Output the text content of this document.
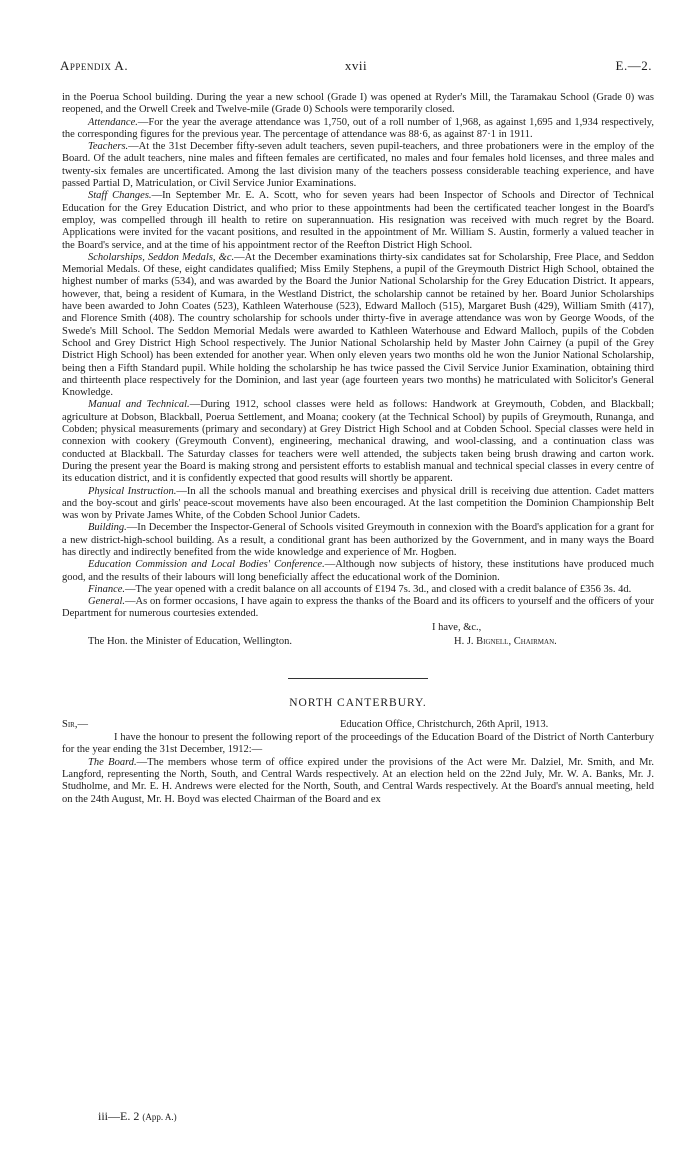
Appendix A.	xvii	E.—2.

in the Poerua School building. During the year a new school (Grade I) was opened at Ryder's Mill, the Taramakau School (Grade 0) was reopened, and the Orwell Creek and Twelve-mile (Grade 0) Schools were temporarily closed.

Attendance.—For the year the average attendance was 1,750, out of a roll number of 1,968, as against 1,695 and 1,934 respectively, the corresponding figures for the previous year. The percentage of attendance was 88·6, as against 87·1 in 1911.

Teachers.—At the 31st December fifty-seven adult teachers, seven pupil-teachers, and three probationers were in the employ of the Board. Of the adult teachers, nine males and fifteen females are certificated, no males and four females hold licenses, and three males and twenty-six females are uncertificated. Among the last division many of the teachers possess considerable teaching experience, and have passed Partial D, Matriculation, or Civil Service Junior Examinations.

Staff Changes.—In September Mr. E. A. Scott, who for seven years had been Inspector of Schools and Director of Technical Education for the Grey Education District, and who prior to these appointments had been the certificated teacher longest in the Board's employ, was compelled through ill health to retire on superannuation. His resignation was received with much regret by the Board. Applications were invited for the vacant positions, and resulted in the appointment of Mr. William S. Austin, formerly a valued teacher in the Board's service, and at the time of his appointment rector of the Reefton District High School.

Scholarships, Seddon Medals, &c.—At the December examinations thirty-six candidates sat for Scholarship, Free Place, and Seddon Memorial Medals. Of these, eight candidates qualified; Miss Emily Stephens, a pupil of the Greymouth District High School, obtained the highest number of marks (534), and was awarded by the Board the Junior National Scholarship for the Grey Education District. It appears, however, that, being a resident of Kumara, in the Westland District, the scholarship cannot be retained by her. Board Junior Scholarships have been awarded to John Coates (523), Kathleen Waterhouse (523), Edward Malloch (515), Margaret Bush (429), William Smith (417), and Florence Smith (408). The country scholarship for schools under thirty-five in average attendance was won by George Woods, of the Swede's Mill School. The Seddon Memorial Medals were awarded to Kathleen Waterhouse and Edward Malloch, pupils of the Cobden School and Grey District High School respectively. The Junior National Scholarship held by Master John Cairney (a pupil of the Grey District High School) has been extended for another year. When only eleven years two months old he won the Junior National Scholarship, being then a Fifth Standard pupil. While holding the scholarship he has twice passed the Civil Service Junior Examination, obtaining third and thirteenth place respectively for the Dominion, and last year (age fourteen years two months) he matriculated with Solicitor's General Knowledge.

Manual and Technical.—During 1912, school classes were held as follows: Handwork at Greymouth, Cobden, and Blackball; agriculture at Dobson, Blackball, Poerua Settlement, and Moana; cookery (at the Technical School) by pupils of Greymouth, Runanga, and Cobden; physical measurements (primary and secondary) at Grey District High School and at Cobden School. Special classes were held in connexion with cookery (Greymouth Convent), engineering, mechanical drawing, and wool-classing, and a continuation class was conducted at Blackball. The Saturday classes for teachers were well attended, the subjects taken being brush drawing and carton work. During the present year the Board is making strong and persistent efforts to establish manual and technical special classes in every centre of its education district, and it is confidently expected that good results will shortly be apparent.

Physical Instruction.—In all the schools manual and breathing exercises and physical drill is receiving due attention. Cadet matters and the boy-scout and girls' peace-scout movements have also been encouraged. At the last competition the Dominion Championship Belt was won by Private James White, of the Cobden School Junior Cadets.

Building.—In December the Inspector-General of Schools visited Greymouth in connexion with the Board's application for a grant for a new district-high-school building. As a result, a conditional grant has been authorized by the Government, and in many ways the Board has directly and indirectly benefited from the wide knowledge and experience of Mr. Hogben.

Education Commission and Local Bodies' Conference.—Although now subjects of history, these institutions have produced much good, and the results of their labours will long beneficially affect the educational work of the Dominion.

Finance.—The year opened with a credit balance on all accounts of £194 7s. 3d., and closed with a credit balance of £356 3s. 4d.

General.—As on former occasions, I have again to express the thanks of the Board and its officers to yourself and the officers of your Department for numerous courtesies extended.

I have, &c.,
The Hon. the Minister of Education, Wellington.	H. J. Bignell, Chairman.
NORTH CANTERBURY.
Sir,—	Education Office, Christchurch, 26th April, 1913.

I have the honour to present the following report of the proceedings of the Education Board of the District of North Canterbury for the year ending the 31st December, 1912:—

The Board.—The members whose term of office expired under the provisions of the Act were Mr. Dalziel, Mr. Smith, and Mr. Langford, representing the North, South, and Central Wards respectively. At an election held on the 22nd July, Mr. W. A. Banks, Mr. J. Studholme, and Mr. E. H. Andrews were elected for the North, South, and Central Wards respectively. At the Board's annual meeting, held on the 24th August, Mr. H. Boyd was elected Chairman of the Board and ex

iii—E. 2 (App. A.)
